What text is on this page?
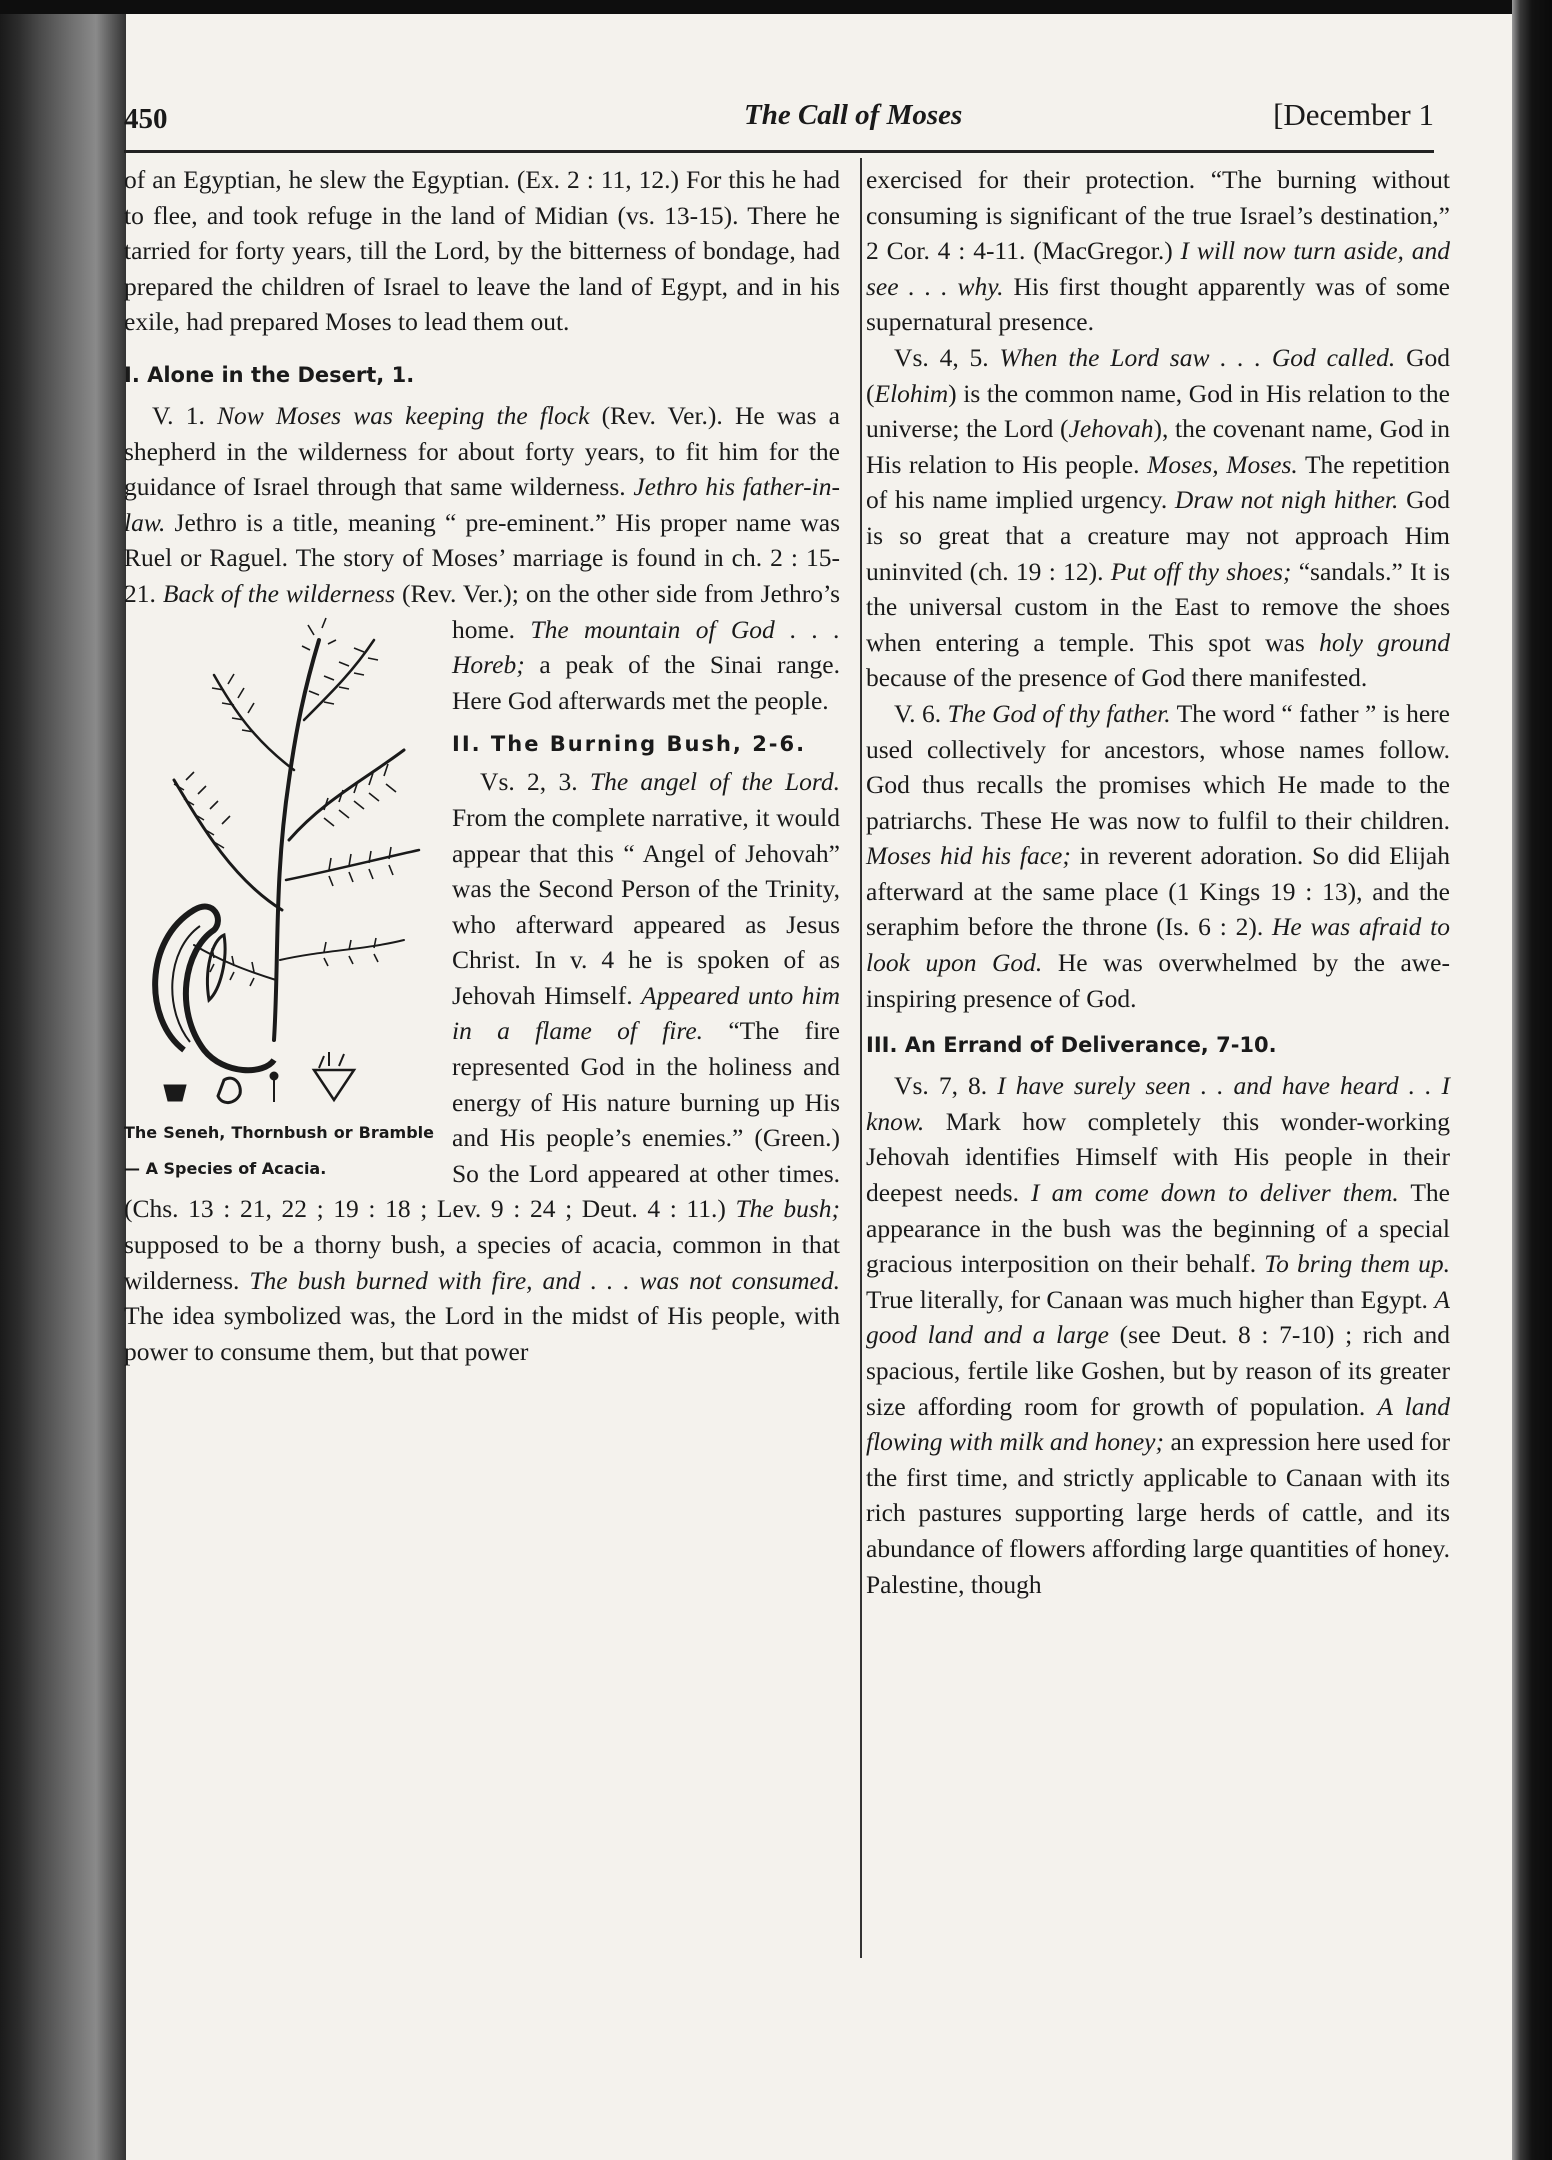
450	The Call of Moses	[December 1

of an Egyptian, he slew the Egyptian. (Ex. 2 : 11, 12.) For this he had to flee, and took refuge in the land of Midian (vs. 13-15). There he tarried for forty years, till the Lord, by the bitterness of bondage, had prepared the children of Israel to leave the land of Egypt, and in his exile, had prepared Moses to lead them out.

I. Alone in the Desert, 1.

V. 1. Now Moses was keeping the flock (Rev. Ver.). He was a shepherd in the wilderness for about forty years, to fit him for the guidance of Israel through that same wilderness. Jethro his father-in-law. Jethro is a title, meaning “ pre-eminent.” His proper name was Ruel or Raguel. The story of Moses’ marriage is found in ch. 2 : 15-21.
The Seneh, Thornbush or Bramble — A Species of Acacia.
Back of the wilderness (Rev. Ver.); on the other side from Jethro’s home. The mountain of God . . . Horeb; a peak of the Sinai range. Here God afterwards met the people.

II. The Burning Bush, 2-6.

Vs. 2, 3. The angel of the Lord. From the complete narrative, it would appear that this “ Angel of Jehovah” was the Second Person of the Trinity, who afterward appeared as Jesus Christ. In v. 4 he is spoken of as Jehovah Himself. Appeared unto him in a flame of fire. “The fire represented God in the holiness and energy of His nature burning up His and His people’s enemies.” (Green.) So the Lord appeared at other times. (Chs. 13 : 21, 22 ; 19 : 18 ; Lev. 9 : 24 ; Deut. 4 : 11.) The bush; supposed to be a thorny bush, a species of acacia, common in that wilderness. The bush burned with fire, and . . . was not consumed. The idea symbolized was, the Lord in the midst of His people, with power to consume them, but that power

exercised for their protection. “The burning without consuming is significant of the true Israel’s destination,” 2 Cor. 4 : 4-11. (MacGregor.) I will now turn aside, and see . . . why. His first thought apparently was of some supernatural presence.

Vs. 4, 5. When the Lord saw . . . God called. God (Elohim) is the common name, God in His relation to the universe; the Lord (Jehovah), the covenant name, God in His relation to His people. Moses, Moses. The repetition of his name implied urgency. Draw not nigh hither. God is so great that a creature may not approach Him uninvited (ch. 19 : 12). Put off thy shoes; “sandals.” It is the universal custom in the East to remove the shoes when entering a temple. This spot was holy ground because of the presence of God there manifested.

V. 6. The God of thy father. The word “ father ” is here used collectively for ancestors, whose names follow. God thus recalls the promises which He made to the patriarchs. These He was now to fulfil to their children. Moses hid his face; in reverent adoration. So did Elijah afterward at the same place (1 Kings 19 : 13), and the seraphim before the throne (Is. 6 : 2). He was afraid to look upon God. He was overwhelmed by the awe-inspiring presence of God.

III. An Errand of Deliverance, 7-10.

Vs. 7, 8. I have surely seen . . and have heard . . I know. Mark how completely this wonder-working Jehovah identifies Himself with His people in their deepest needs. I am come down to deliver them. The appearance in the bush was the beginning of a special gracious interposition on their behalf. To bring them up. True literally, for Canaan was much higher than Egypt. A good land and a large (see Deut. 8 : 7-10) ; rich and spacious, fertile like Goshen, but by reason of its greater size affording room for growth of population. A land flowing with milk and honey; an expression here used for the first time, and strictly applicable to Canaan with its rich pastures supporting large herds of cattle, and its abundance of flowers affording large quantities of honey. Palestine, though
